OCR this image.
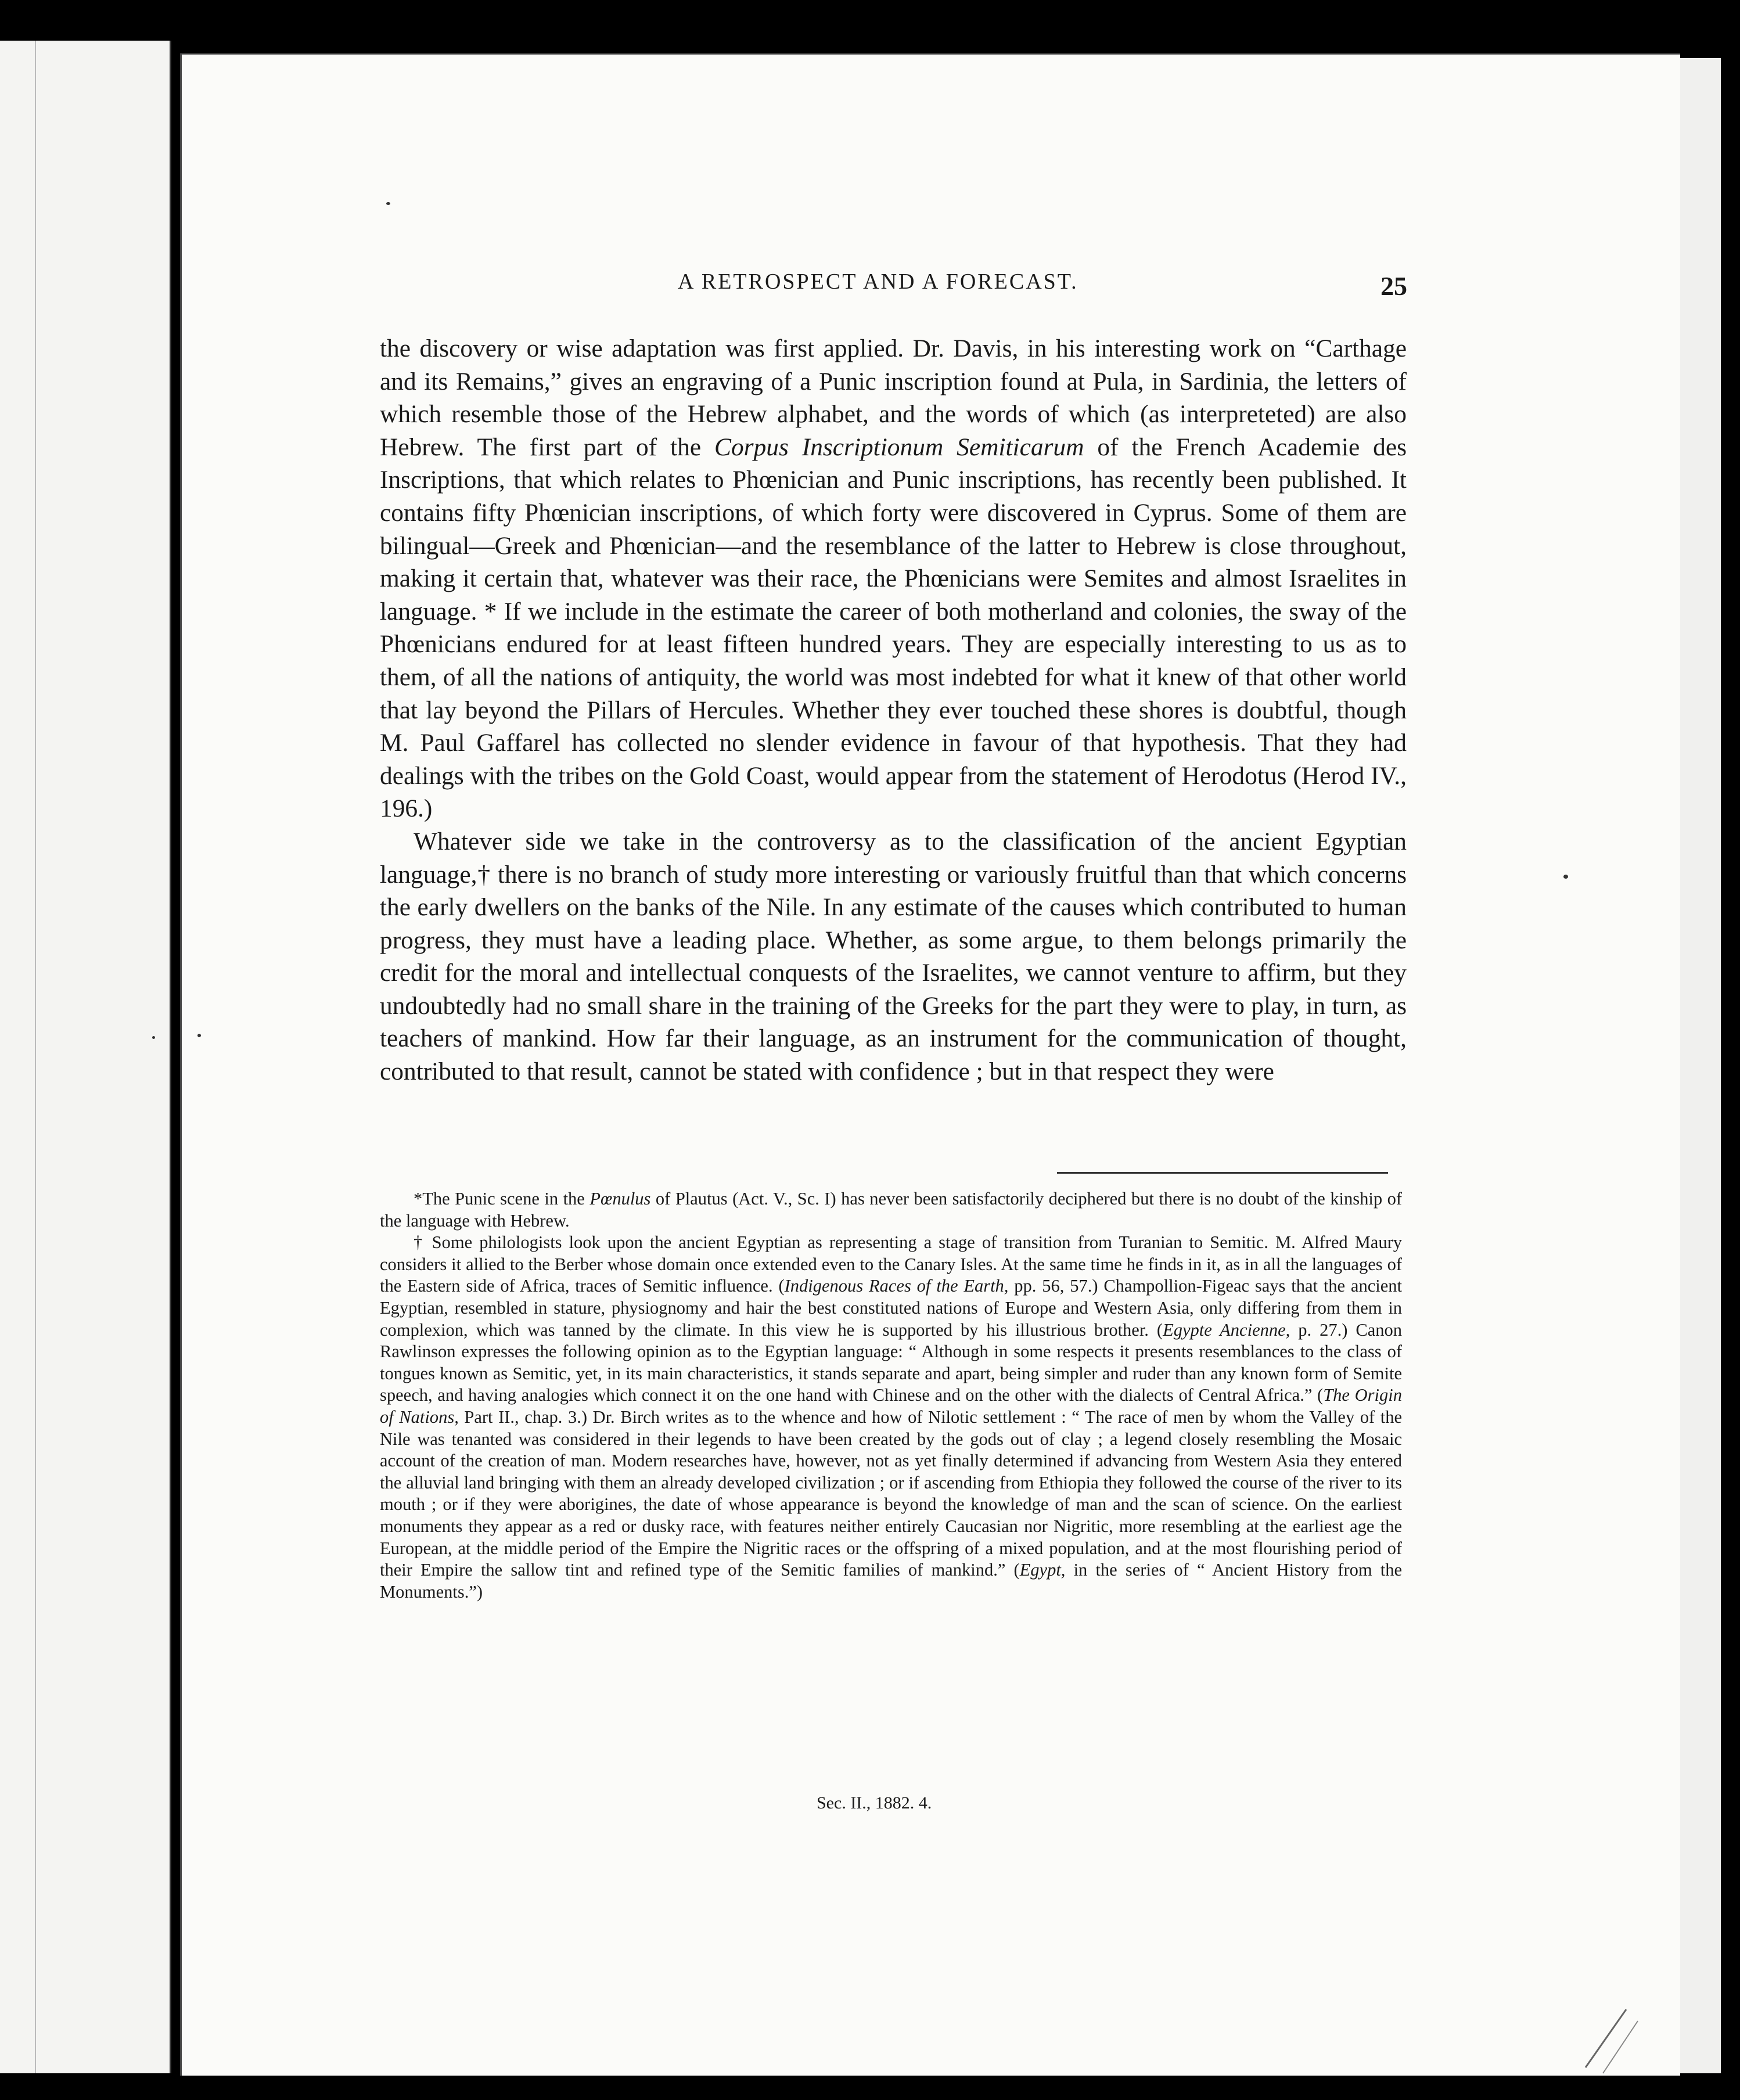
A RETROSPECT AND A FORECAST.	25

the discovery or wise adaptation was first applied. Dr. Davis, in his interesting work on “Carthage and its Remains,” gives an engraving of a Punic inscription found at Pula, in Sardinia, the letters of which resemble those of the Hebrew alphabet, and the words of which (as interpreteted) are also Hebrew. The first part of the Corpus Inscriptionum Semiticarum of the French Academie des Inscriptions, that which relates to Phœnician and Punic inscriptions, has recently been published. It contains fifty Phœnician inscriptions, of which forty were discovered in Cyprus. Some of them are bilingual—Greek and Phœnician—and the resemblance of the latter to Hebrew is close throughout, making it certain that, whatever was their race, the Phœnicians were Semites and almost Israelites in language. * If we include in the estimate the career of both motherland and colonies, the sway of the Phœnicians endured for at least fifteen hundred years. They are especially interesting to us as to them, of all the nations of antiquity, the world was most indebted for what it knew of that other world that lay beyond the Pillars of Hercules. Whether they ever touched these shores is doubtful, though M. Paul Gaffarel has collected no slender evidence in favour of that hypothesis. That they had dealings with the tribes on the Gold Coast, would appear from the statement of Herodotus (Herod IV., 196.)

Whatever side we take in the controversy as to the classification of the ancient Egyptian language,† there is no branch of study more interesting or variously fruitful than that which concerns the early dwellers on the banks of the Nile. In any estimate of the causes which contributed to human progress, they must have a leading place. Whether, as some argue, to them belongs primarily the credit for the moral and intellectual conquests of the Israelites, we cannot venture to affirm, but they undoubtedly had no small share in the training of the Greeks for the part they were to play, in turn, as teachers of mankind. How far their language, as an instrument for the communication of thought, contributed to that result, cannot be stated with confidence ; but in that respect they were

*The Punic scene in the Pœnulus of Plautus (Act. V., Sc. I) has never been satisfactorily deciphered but there is no doubt of the kinship of the language with Hebrew.

† Some philologists look upon the ancient Egyptian as representing a stage of transition from Turanian to Semitic. M. Alfred Maury considers it allied to the Berber whose domain once extended even to the Canary Isles. At the same time he finds in it, as in all the languages of the Eastern side of Africa, traces of Semitic influence. (Indigenous Races of the Earth, pp. 56, 57.) Champollion-Figeac says that the ancient Egyptian, resembled in stature, physiognomy and hair the best constituted nations of Europe and Western Asia, only differing from them in complexion, which was tanned by the climate. In this view he is supported by his illustrious brother. (Egypte Ancienne, p. 27.) Canon Rawlinson expresses the following opinion as to the Egyptian language: “ Although in some respects it presents resemblances to the class of tongues known as Semitic, yet, in its main characteristics, it stands separate and apart, being simpler and ruder than any known form of Semite speech, and having analogies which connect it on the one hand with Chinese and on the other with the dialects of Central Africa.” (The Origin of Nations, Part II., chap. 3.) Dr. Birch writes as to the whence and how of Nilotic settlement : “ The race of men by whom the Valley of the Nile was tenanted was considered in their legends to have been created by the gods out of clay ; a legend closely resembling the Mosaic account of the creation of man. Modern researches have, however, not as yet finally determined if advancing from Western Asia they entered the alluvial land bringing with them an already developed civilization ; or if ascending from Ethiopia they followed the course of the river to its mouth ; or if they were aborigines, the date of whose appearance is beyond the knowledge of man and the scan of science. On the earliest monuments they appear as a red or dusky race, with features neither entirely Caucasian nor Nigritic, more resembling at the earliest age the European, at the middle period of the Empire the Nigritic races or the offspring of a mixed population, and at the most flourishing period of their Empire the sallow tint and refined type of the Semitic families of mankind.” (Egypt, in the series of “ Ancient History from the Monuments.”)

Sec. II., 1882. 4.
